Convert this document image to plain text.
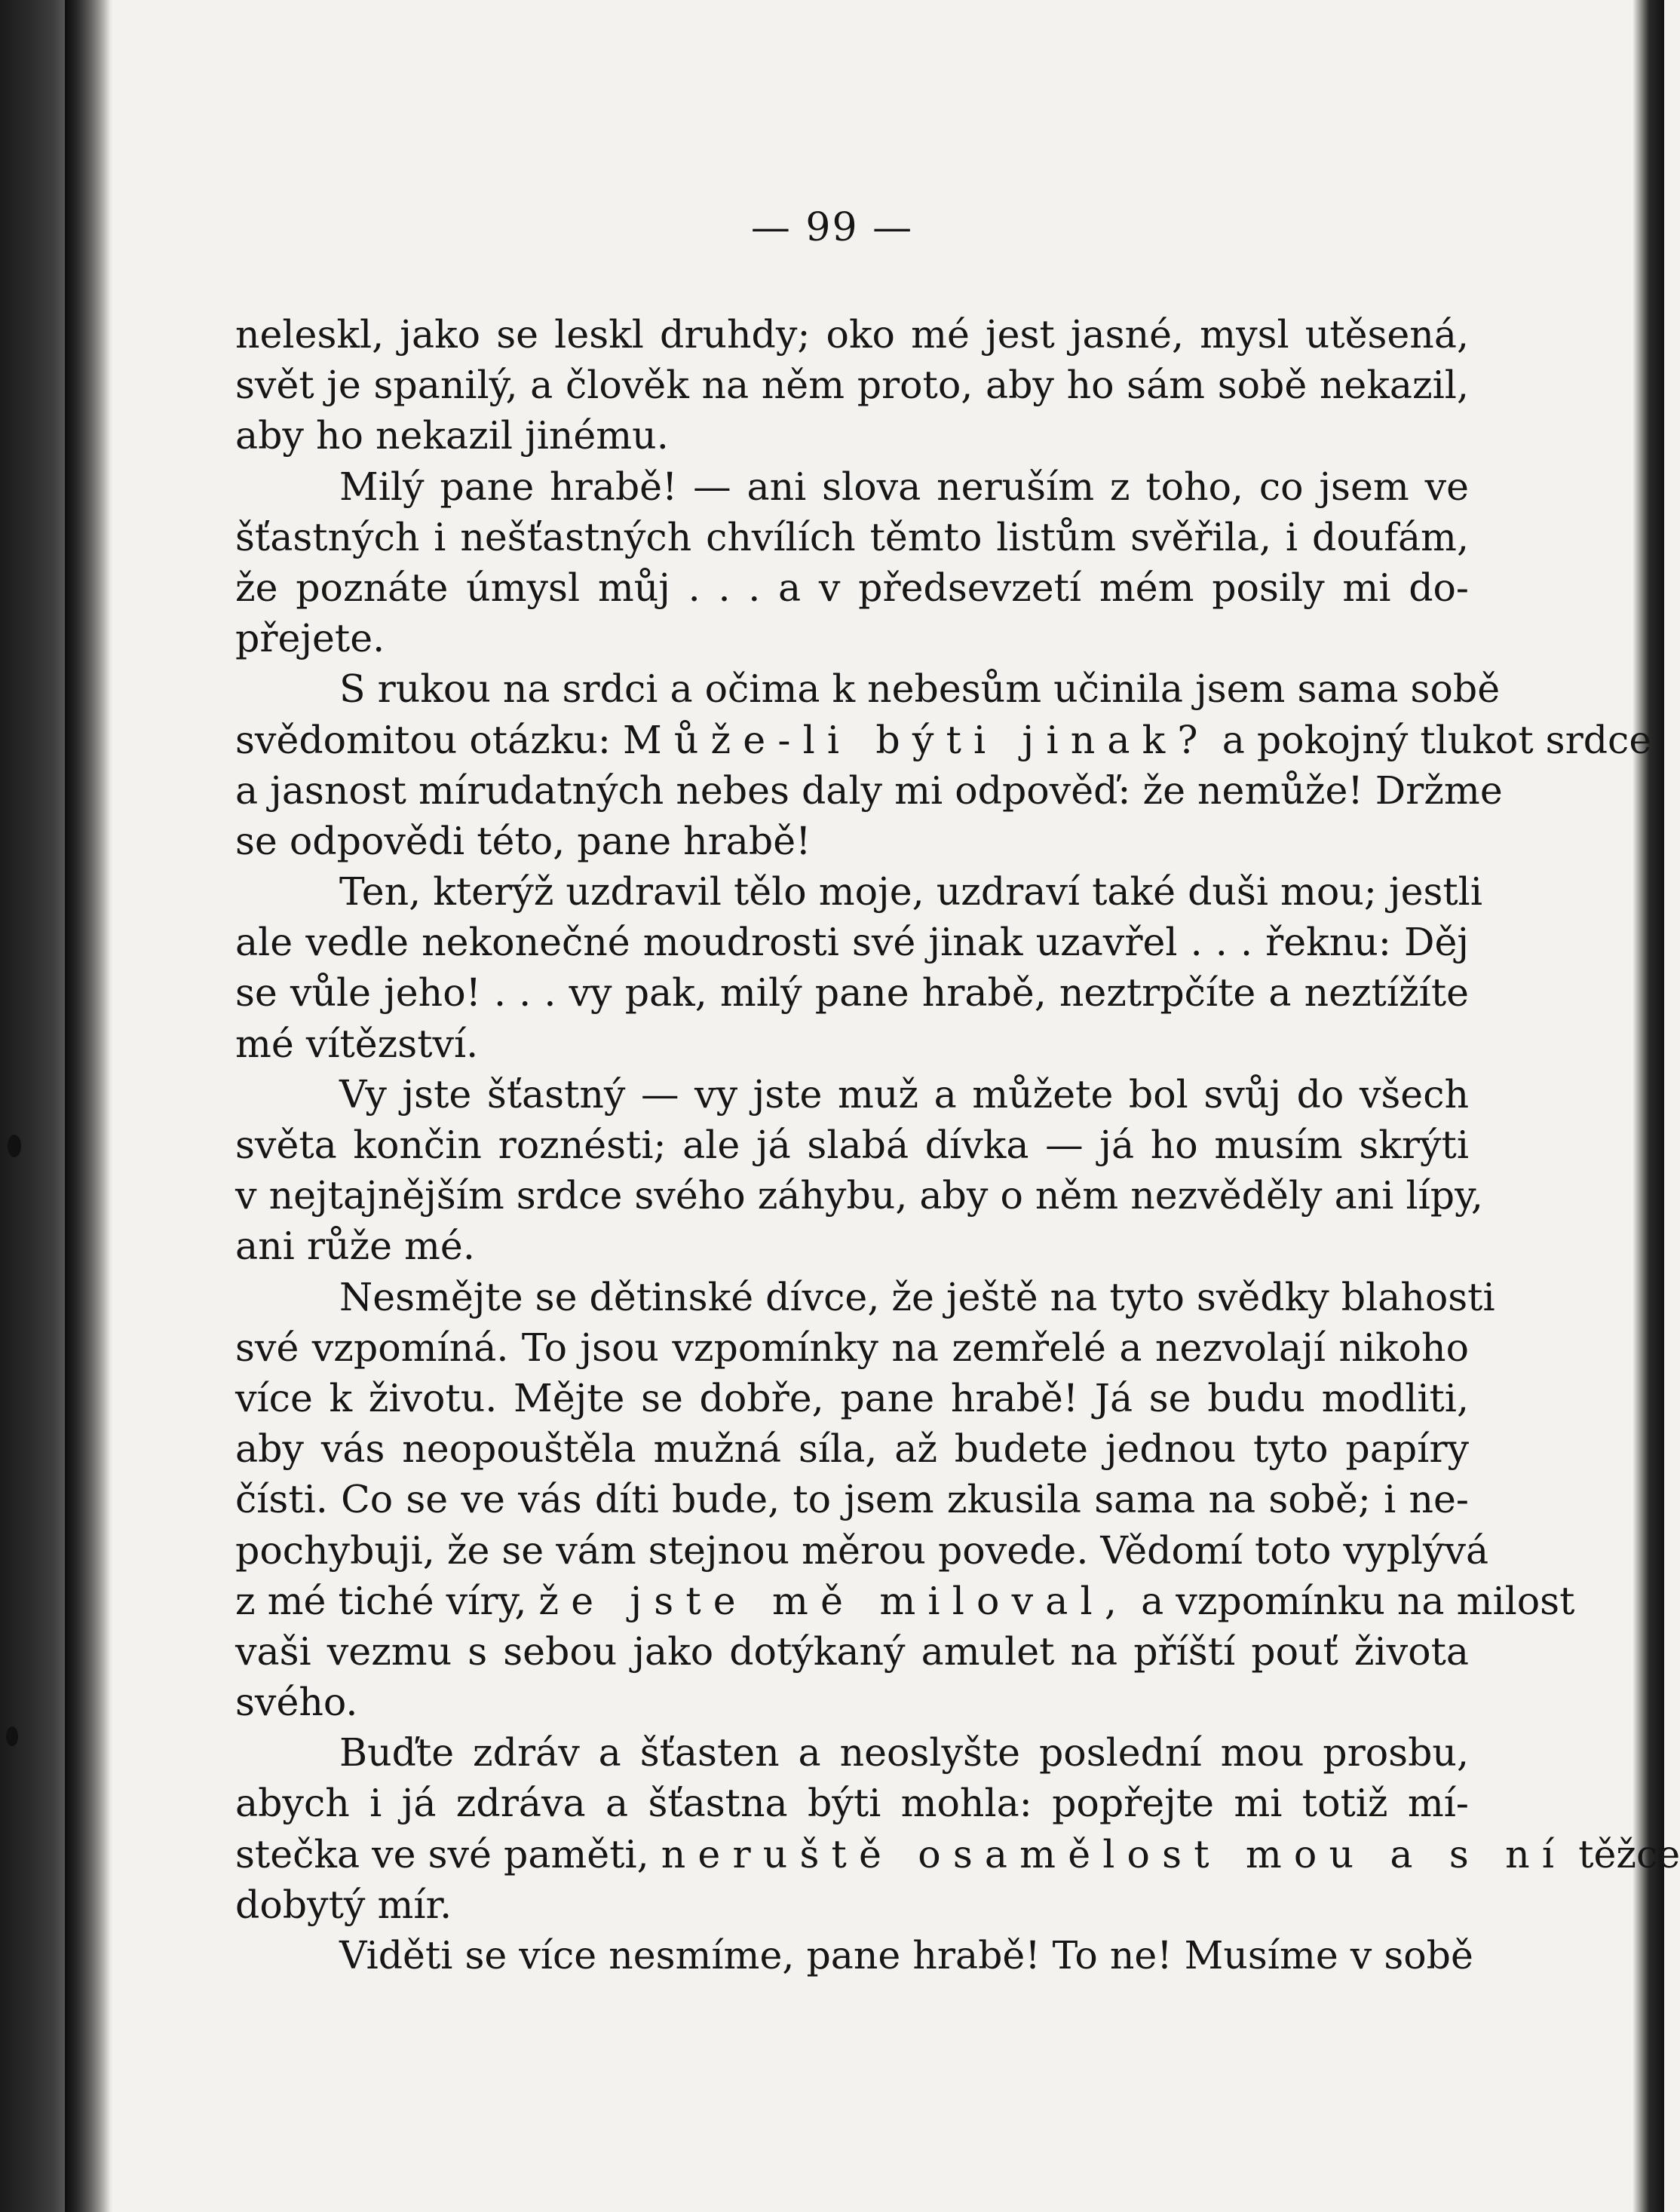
— 99 —
neleskl, jako se leskl druhdy; oko mé jest jasné, mysl utěsená,
svět je spanilý, a člověk na něm proto, aby ho sám sobě nekazil,
aby ho nekazil jinému.
Milý pane hrabě! — ani slova neruším z toho, co jsem ve
šťastných i nešťastných chvílích těmto listům svěřila, i doufám,
že poznáte úmysl můj . . . a v předsevzetí mém posily mi do-
přejete.
S rukou na srdci a očima k nebesům učinila jsem sama sobě
svědomitou otázku: Může-li býti jinak? a pokojný tlukot srdce
a jasnost mírudatných nebes daly mi odpověď: že nemůže! Držme
se odpovědi této, pane hrabě!
Ten, kterýž uzdravil tělo moje, uzdraví také duši mou; jestli
ale vedle nekonečné moudrosti své jinak uzavřel . . . řeknu: Děj
se vůle jeho! . . . vy pak, milý pane hrabě, neztrpčíte a neztížíte
mé vítězství.
Vy jste šťastný — vy jste muž a můžete bol svůj do všech
světa končin roznésti; ale já slabá dívka — já ho musím skrýti
v nejtajnějším srdce svého záhybu, aby o něm nezvěděly ani lípy,
ani růže mé.
Nesmějte se dětinské dívce, že ještě na tyto svědky blahosti
své vzpomíná. To jsou vzpomínky na zemřelé a nezvolají nikoho
více k životu. Mějte se dobře, pane hrabě! Já se budu modliti,
aby vás neopouštěla mužná síla, až budete jednou tyto papíry
čísti. Co se ve vás díti bude, to jsem zkusila sama na sobě; i ne-
pochybuji, že se vám stejnou měrou povede. Vědomí toto vyplývá
z mé tiché víry, že jste mě miloval, a vzpomínku na milost
vaši vezmu s sebou jako dotýkaný amulet na příští pouť života
svého.
Buďte zdráv a šťasten a neoslyšte poslední mou prosbu,
abych i já zdráva a šťastna býti mohla: popřejte mi totiž mí-
stečka ve své paměti, neruště osamělost mou a s ní těžce
dobytý mír.
Viděti se více nesmíme, pane hrabě! To ne! Musíme v sobě
